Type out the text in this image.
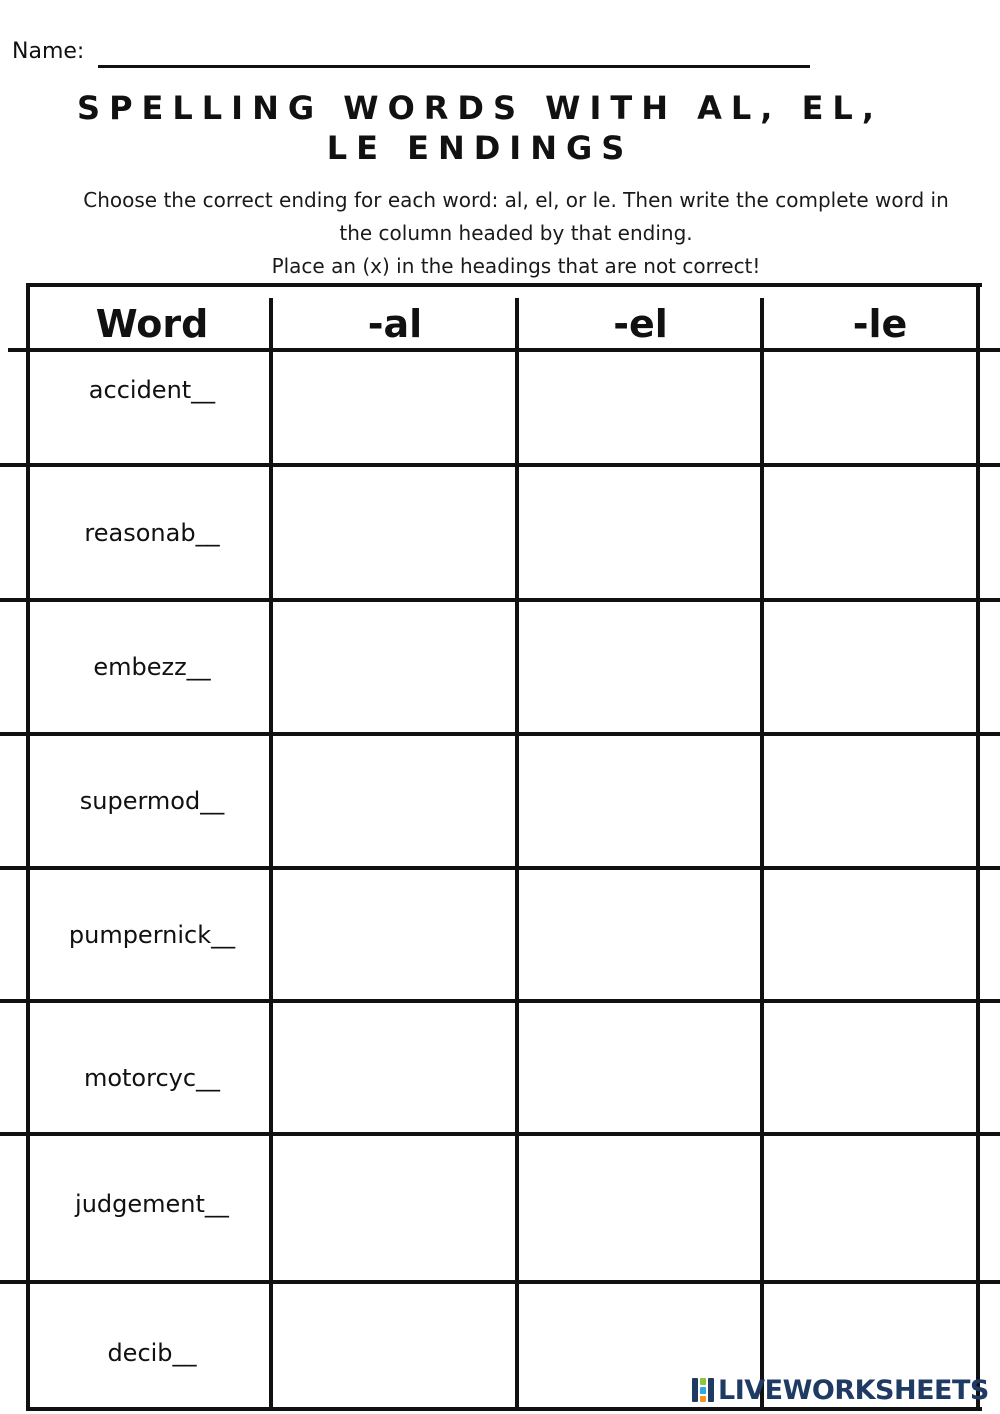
Name:
SPELLING WORDS WITH AL, EL, LE ENDINGS
Choose the correct ending for each word: al, el, or le. Then write the complete word in the column headed by that ending.
Place an (x) in the headings that are not correct!
Word	-al	-el	-le
accident__
reasonab__
embezz__
supermod__
pumpernick__
motorcyc__
judgement__
decib__
LIVEWORKSHEETS
